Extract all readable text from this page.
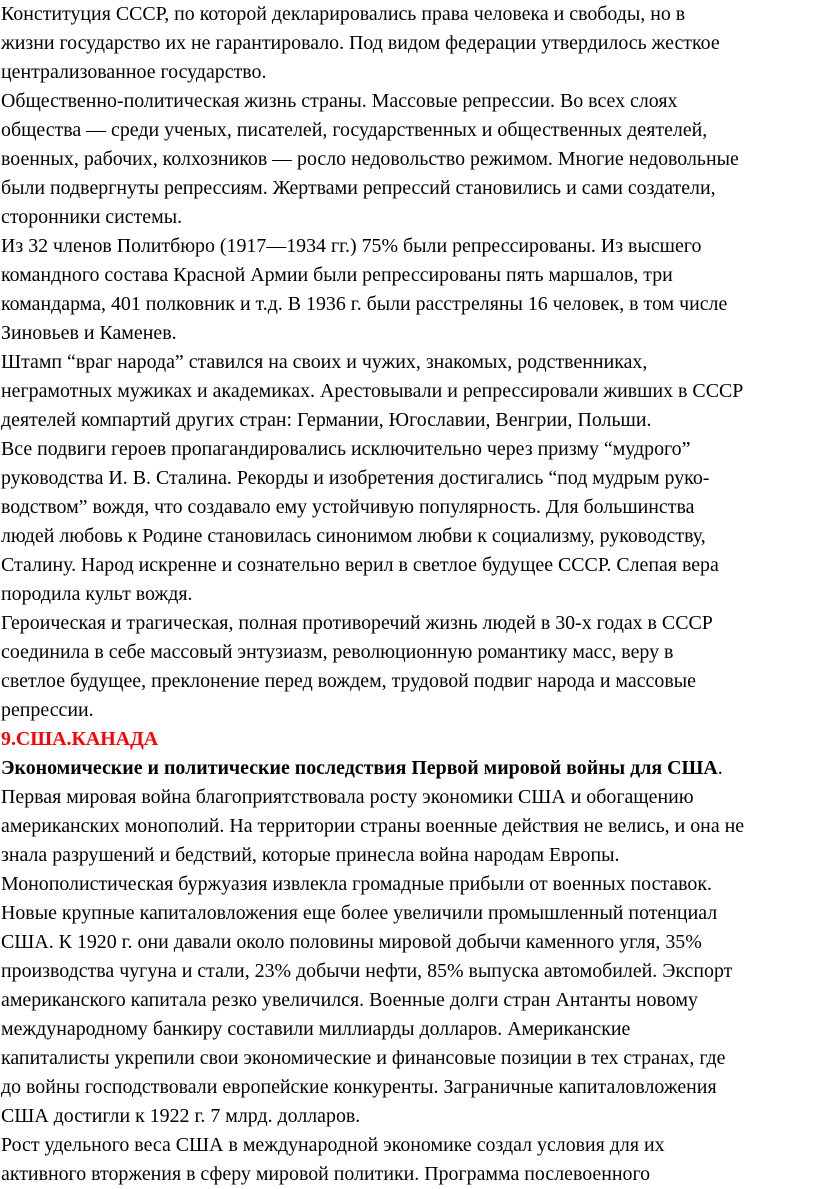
Конституция СССР, по которой декларировались права человека и свободы, но в
жизни государство их не гарантировало. Под видом федерации утвердилось жесткое
централизованное государство.

Общественно-политическая жизнь страны. Массовые репрессии. Во всех слоях
общества — среди ученых, писателей, государственных и общественных деятелей,
военных, рабочих, колхозников — росло недовольство режимом. Многие недовольные
были подвергнуты репрессиям. Жертвами репрессий становились и сами создатели,
сторонники системы.

Из 32 членов Политбюро (1917—1934 гг.) 75% были репрессированы. Из высшего
командного состава Красной Армии были репрессированы пять маршалов, три
командарма, 401 полковник и т.д. В 1936 г. были расстреляны 16 человек, в том числе
Зиновьев и Каменев.

Штамп “враг народа” ставился на своих и чужих, знакомых, родственниках,
неграмотных мужиках и академиках. Арестовывали и репрессировали живших в СССР
деятелей компартий других стран: Германии, Югославии, Венгрии, Польши.

Все подвиги героев пропагандировались исключительно через призму “мудрого”
руководства И. В. Сталина. Рекорды и изобретения достигались “под мудрым руко-
водством” вождя, что создавало ему устойчивую популярность. Для большинства
людей любовь к Родине становилась синонимом любви к социализму, руководству,
Сталину. Народ искренне и сознательно верил в светлое будущее СССР. Слепая вера
породила культ вождя.

Героическая и трагическая, полная противоречий жизнь людей в 30-х годах в СССР
соединила в себе массовый энтузиазм, революционную романтику масс, веру в
светлое будущее, преклонение перед вождем, трудовой подвиг народа и массовые
репрессии.

9.США.КАНАДА

Экономические и политические последствия Первой мировой войны для США.

Первая мировая война благоприятствовала росту экономики США и обогащению
американских монополий. На территории страны военные действия не велись, и она не
знала разрушений и бедствий, которые принесла война народам Европы.
Монополистическая буржуазия извлекла громадные прибыли от военных поставок.
Новые крупные капиталовложения еще более увеличили промышленный потенциал
США. К 1920 г. они давали около половины мировой добычи каменного угля, 35%
производства чугуна и стали, 23% добычи нефти, 85% выпуска автомобилей. Экспорт
американского капитала резко увеличился. Военные долги стран Антанты новому
международному банкиру составили миллиарды долларов. Американские
капиталисты укрепили свои экономические и финансовые позиции в тех странах, где
до войны господствовали европейские конкуренты. Заграничные капиталовложения
США достигли к 1922 г. 7 млрд. долларов.

Рост удельного веса США в международной экономике создал условия для их
активного вторжения в сферу мировой политики. Программа послевоенного
